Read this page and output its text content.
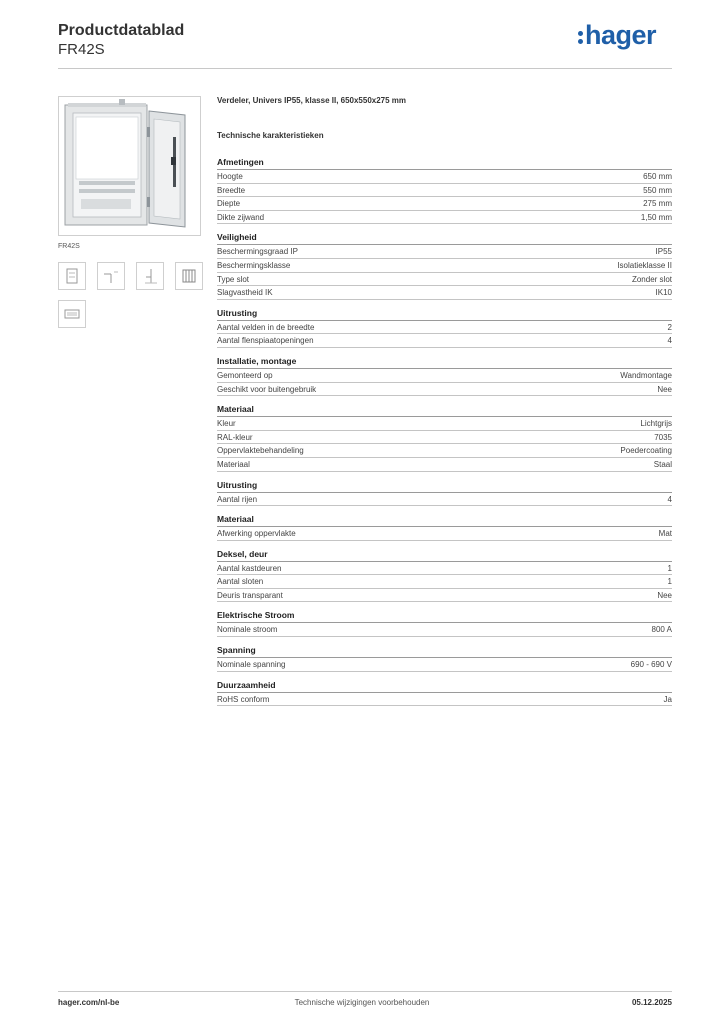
Productdatablad
FR42S	hager
FR42S
Verdeler, Univers IP55, klasse II, 650x550x275 mm
Technische karakteristieken
Afmetingen
Hoogte	650 mm
Breedte	550 mm
Diepte	275 mm
Dikte zijwand	1,50 mm
Veiligheid
Beschermingsgraad IP	IP55
Beschermingsklasse	Isolatieklasse II
Type slot	Zonder slot
Slagvastheid IK	IK10
Uitrusting
Aantal velden in de breedte	2
Aantal flenspiaatopeningen	4
Installatie, montage
Gemonteerd op	Wandmontage
Geschikt voor buitengebruik	Nee
Materiaal
Kleur	Lichtgrijs
RAL-kleur	7035
Oppervlaktebehandeling	Poedercoating
Materiaal	Staal
Uitrusting
Aantal rijen	4
Materiaal
Afwerking oppervlakte	Mat
Deksel, deur
Aantal kastdeuren	1
Aantal sloten	1
Deuris transparant	Nee
Elektrische Stroom
Nominale stroom	800 A
Spanning
Nominale spanning	690 - 690 V
Duurzaamheid
RoHS conform	Ja
hager.com/nl-be	Technische wijzigingen voorbehouden	05.12.2025
